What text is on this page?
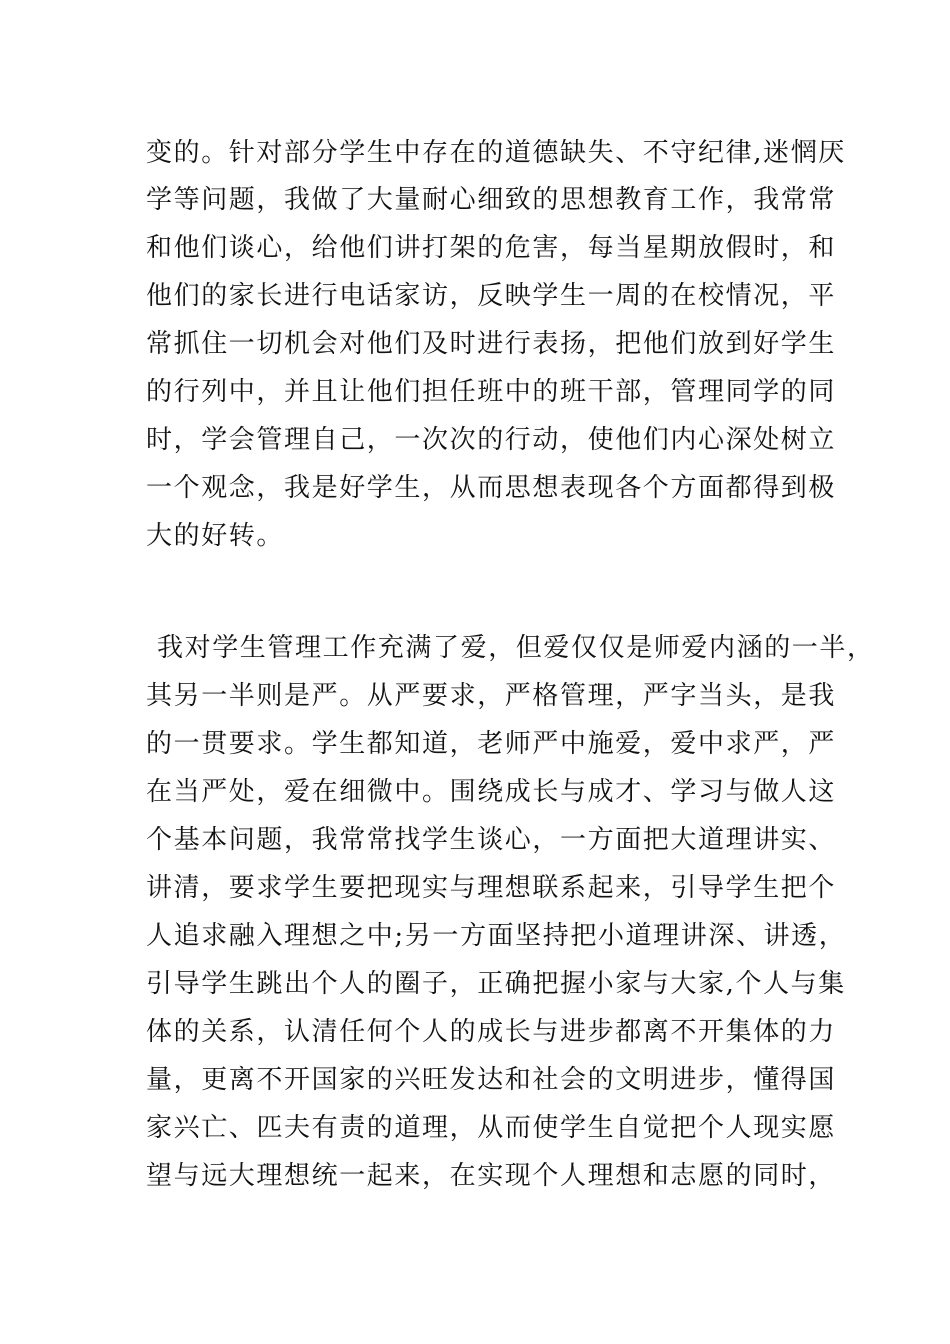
变的。针对部分学生中存在的道德缺失、不守纪律,迷惘厌
学等问题，我做了大量耐心细致的思想教育工作，我常常
和他们谈心，给他们讲打架的危害，每当星期放假时，和
他们的家长进行电话家访，反映学生一周的在校情况，平
常抓住一切机会对他们及时进行表扬，把他们放到好学生
的行列中，并且让他们担任班中的班干部，管理同学的同
时，学会管理自己，一次次的行动，使他们内心深处树立
一个观念，我是好学生，从而思想表现各个方面都得到极
大的好转。
我对学生管理工作充满了爱，但爱仅仅是师爱内涵的一半，
其另一半则是严。从严要求，严格管理，严字当头，是我
的一贯要求。学生都知道，老师严中施爱，爱中求严，严
在当严处，爱在细微中。围绕成长与成才、学习与做人这
个基本问题，我常常找学生谈心，一方面把大道理讲实、
讲清，要求学生要把现实与理想联系起来，引导学生把个
人追求融入理想之中;另一方面坚持把小道理讲深、讲透，
引导学生跳出个人的圈子，正确把握小家与大家,个人与集
体的关系，认清任何个人的成长与进步都离不开集体的力
量，更离不开国家的兴旺发达和社会的文明进步，懂得国
家兴亡、匹夫有责的道理，从而使学生自觉把个人现实愿
望与远大理想统一起来，在实现个人理想和志愿的同时，
